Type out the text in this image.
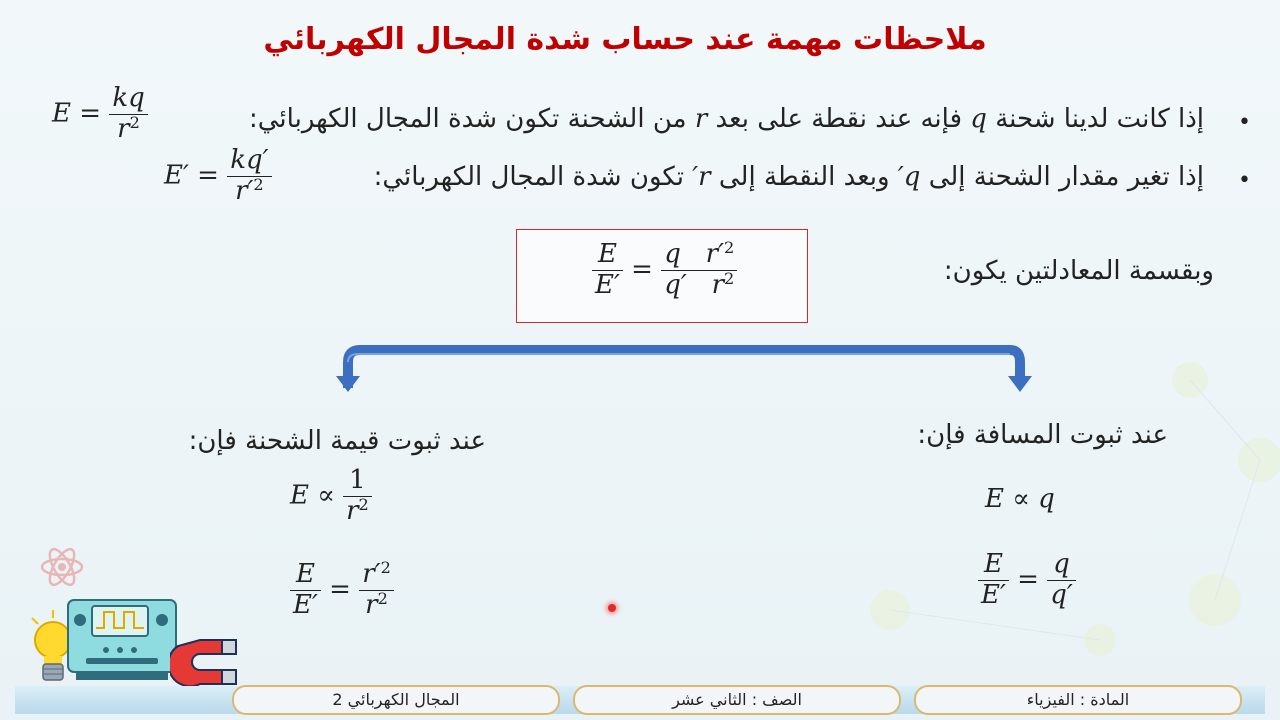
ملاحظات مهمة عند حساب شدة المجال الكهربائي
•
إذا كانت لدينا شحنة q فإنه عند نقطة على بعد r من الشحنة تكون شدة المجال الكهربائي:
$E = \frac{kq}{r^2}$
•
إذا تغير مقدار الشحنة إلى q′ وبعد النقطة إلى r′ تكون شدة المجال الكهربائي:
$E' = \frac{kq'}{r'^2}$
وبقسمة المعادلتين يكون:
$\frac{E}{E'} = \frac{q r'^2}{q' r^2}$
عند ثبوت المسافة فإن:
E ∝ q
$\frac{E}{E'} = \frac{q}{q'}$
عند ثبوت قيمة الشحنة فإن:
$E \propto \frac{1}{r^2}$
$\frac{E}{E'} = \frac{r'^2}{r^2}$
المادة : الفيزياء
الصف : الثاني عشر
المجال الكهربائي 2
